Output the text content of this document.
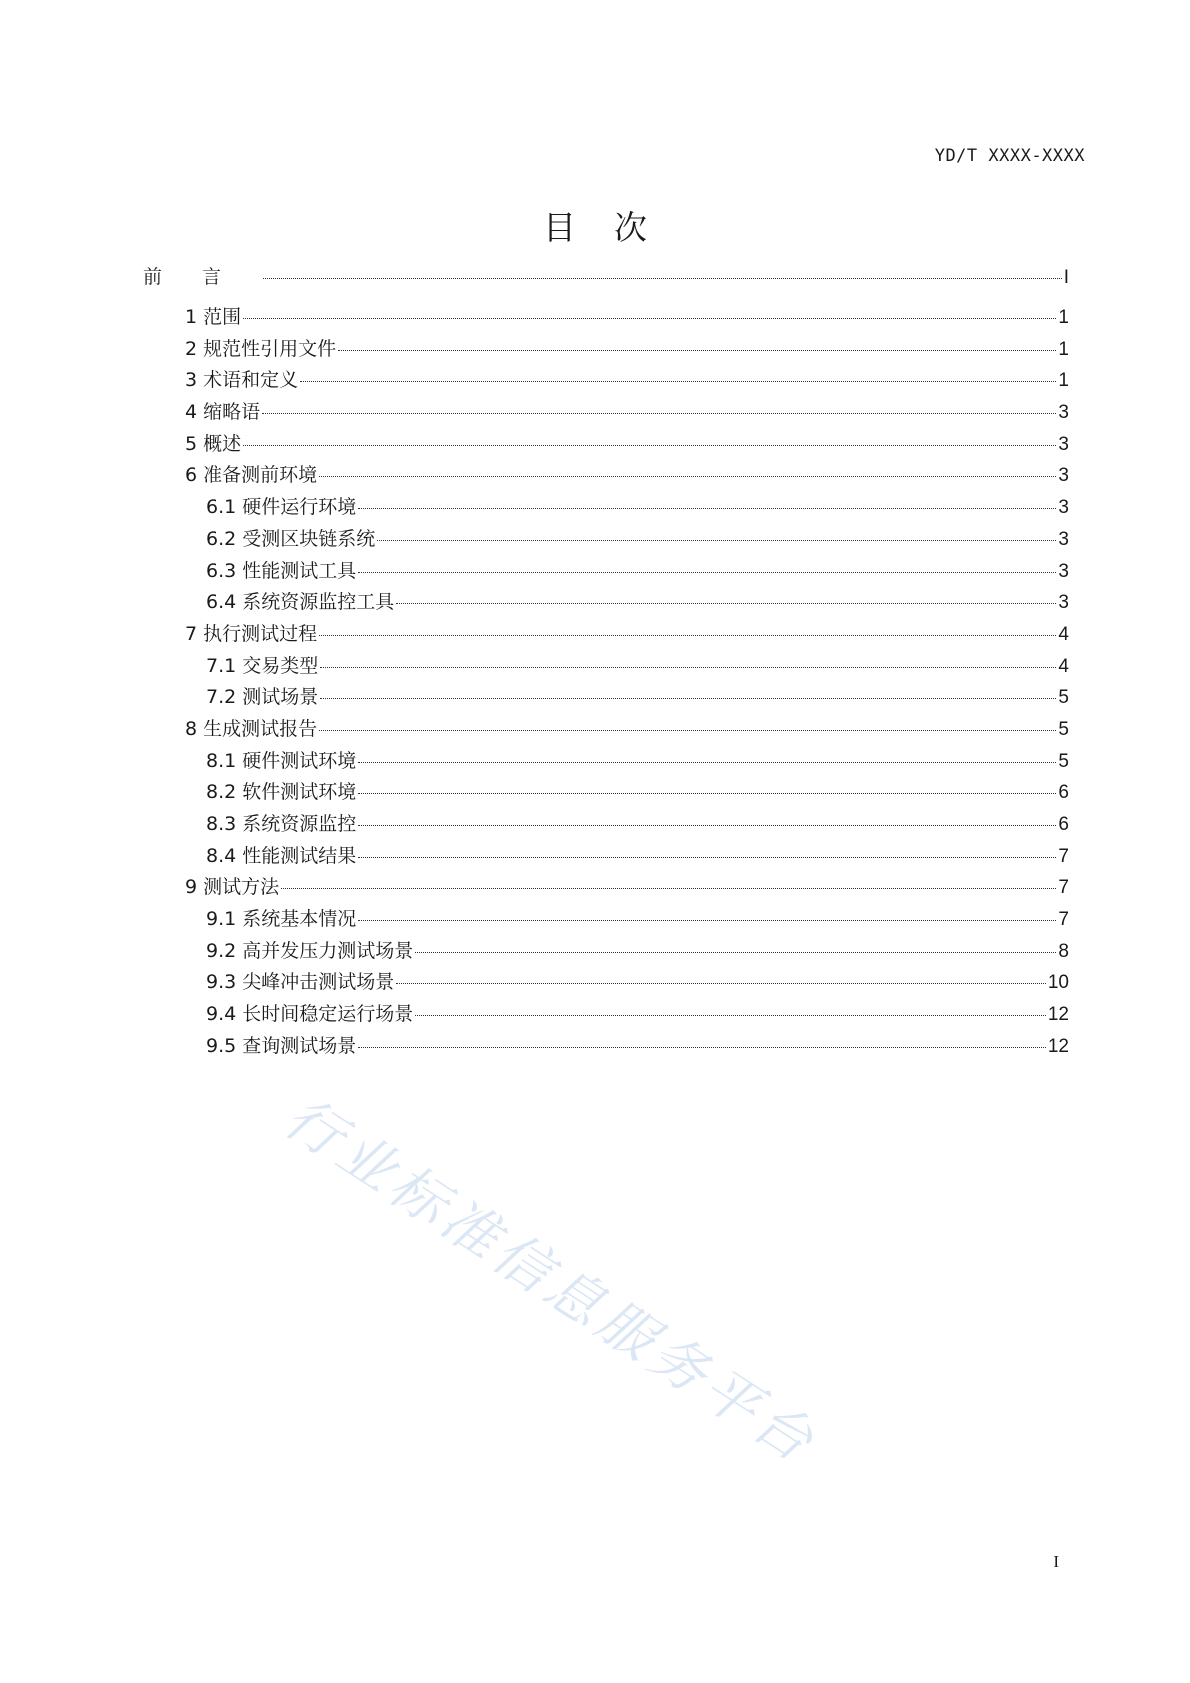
YD/T XXXX-XXXX
目次
前言	I
1 范围	1
2 规范性引用文件	1
3 术语和定义	1
4 缩略语	3
5 概述	3
6 准备测前环境	3
6.1 硬件运行环境	3
6.2 受测区块链系统	3
6.3 性能测试工具	3
6.4 系统资源监控工具	3
7 执行测试过程	4
7.1 交易类型	4
7.2 测试场景	5
8 生成测试报告	5
8.1 硬件测试环境	5
8.2 软件测试环境	6
8.3 系统资源监控	6
8.4 性能测试结果	7
9 测试方法	7
9.1 系统基本情况	7
9.2 高并发压力测试场景	8
9.3 尖峰冲击测试场景	10
9.4 长时间稳定运行场景	12
9.5 查询测试场景	12
行业标准信息服务平台
I
